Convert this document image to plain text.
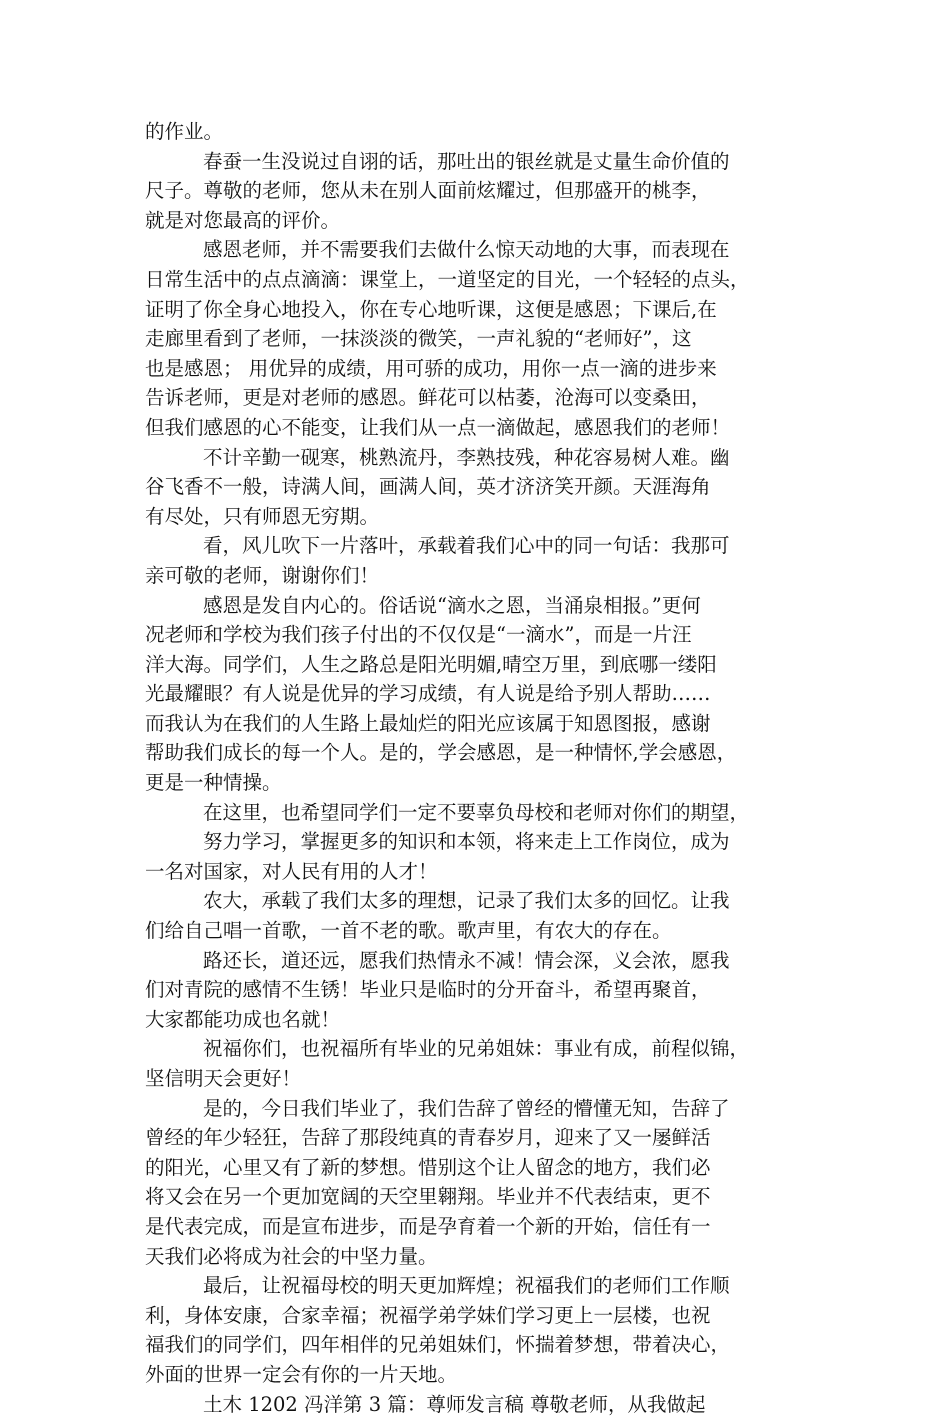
的作业。
春蚕一生没说过自诩的话，那吐出的银丝就是丈量生命价值的
尺子。尊敬的老师，您从未在别人面前炫耀过，但那盛开的桃李，
就是对您最高的评价。
感恩老师，并不需要我们去做什么惊天动地的大事，而表现在
日常生活中的点点滴滴：课堂上，一道坚定的目光，一个轻轻的点头，
证明了你全身心地投入，你在专心地听课，这便是感恩；下课后,在
走廊里看到了老师，一抹淡淡的微笑，一声礼貌的“老师好”，这
也是感恩； 用优异的成绩，用可骄的成功，用你一点一滴的进步来
告诉老师，更是对老师的感恩。鲜花可以枯萎，沧海可以变桑田，
但我们感恩的心不能变，让我们从一点一滴做起，感恩我们的老师！
不计辛勤一砚寒，桃熟流丹，李熟技残，种花容易树人难。幽
谷飞香不一般，诗满人间，画满人间，英才济济笑开颜。天涯海角
有尽处，只有师恩无穷期。
看，风儿吹下一片落叶，承载着我们心中的同一句话：我那可
亲可敬的老师，谢谢你们！
感恩是发自内心的。俗话说“滴水之恩，当涌泉相报。”更何
况老师和学校为我们孩子付出的不仅仅是“一滴水”，而是一片汪
洋大海。同学们，人生之路总是阳光明媚,晴空万里，到底哪一缕阳
光最耀眼？有人说是优异的学习成绩，有人说是给予别人帮助……
而我认为在我们的人生路上最灿烂的阳光应该属于知恩图报，感谢
帮助我们成长的每一个人。是的，学会感恩，是一种情怀,学会感恩，
更是一种情操。
在这里，也希望同学们一定不要辜负母校和老师对你们的期望，
努力学习，掌握更多的知识和本领，将来走上工作岗位，成为
一名对国家，对人民有用的人才！
农大，承载了我们太多的理想，记录了我们太多的回忆。让我
们给自己唱一首歌，一首不老的歌。歌声里，有农大的存在。
路还长，道还远，愿我们热情永不减！情会深，义会浓，愿我
们对青院的感情不生锈！毕业只是临时的分开奋斗，希望再聚首，
大家都能功成也名就！
祝福你们，也祝福所有毕业的兄弟姐妹：事业有成，前程似锦，
坚信明天会更好！
是的，今日我们毕业了，我们告辞了曾经的懵懂无知，告辞了
曾经的年少轻狂，告辞了那段纯真的青春岁月，迎来了又一屡鲜活
的阳光，心里又有了新的梦想。惜别这个让人留念的地方，我们必
将又会在另一个更加宽阔的天空里翱翔。毕业并不代表结束，更不
是代表完成，而是宣布进步，而是孕育着一个新的开始，信任有一
天我们必将成为社会的中坚力量。
最后，让祝福母校的明天更加辉煌；祝福我们的老师们工作顺
利，身体安康，合家幸福；祝福学弟学妹们学习更上一层楼，也祝
福我们的同学们，四年相伴的兄弟姐妹们，怀揣着梦想，带着决心，
外面的世界一定会有你的一片天地。
土木 1202 冯洋第 3 篇：尊师发言稿 尊敬老师，从我做起
